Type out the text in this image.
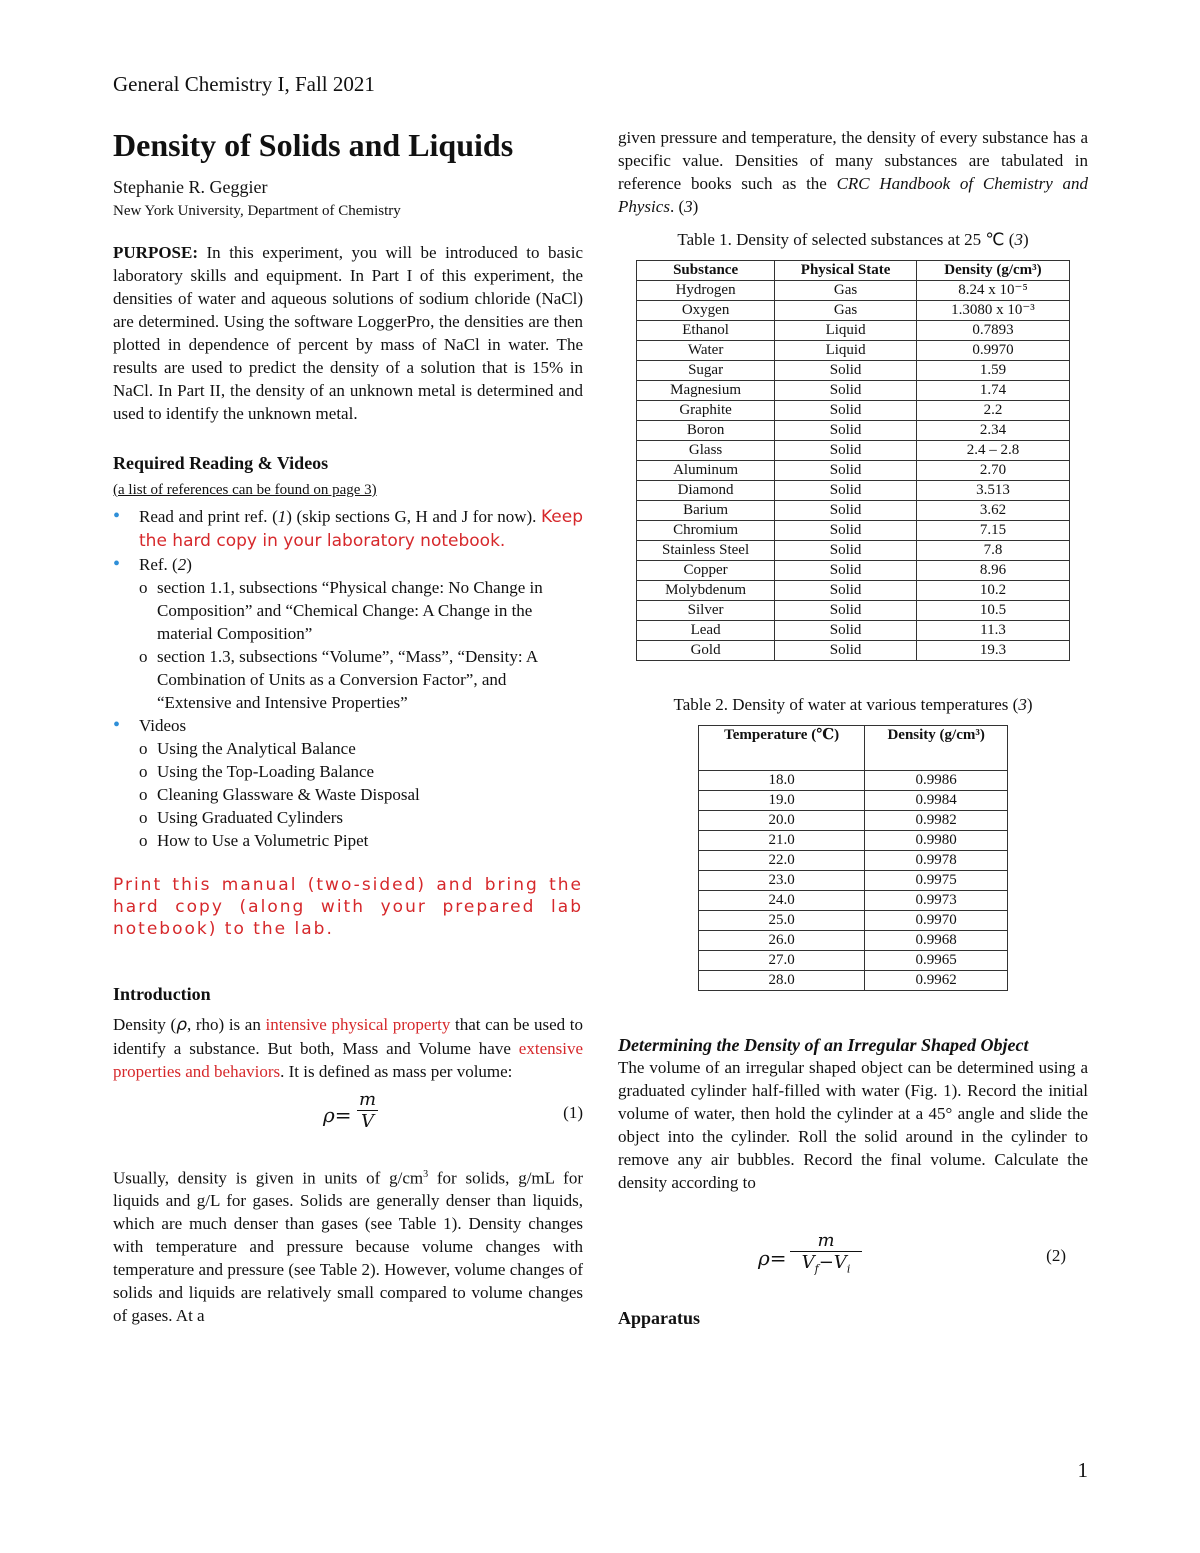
General Chemistry I, Fall 2021
Density of Solids and Liquids

Stephanie R. Geggier

New York University, Department of Chemistry

PURPOSE: In this experiment, you will be introduced to basic laboratory skills and equipment. In Part I of this experiment, the densities of water and aqueous solutions of sodium chloride (NaCl) are determined. Using the software LoggerPro, the densities are then plotted in dependence of percent by mass of NaCl in water. The results are used to predict the density of a solution that is 15% in NaCl. In Part II, the density of an unknown metal is determined and used to identify the unknown metal.

Required Reading & Videos
(a list of references can be found on page 3)
• Read and print ref. (1) (skip sections G, H and J for now). Keep the hard copy in your laboratory notebook.
• Ref. (2)
o section 1.1, subsections “Physical change: No Change in Composition” and “Chemical Change: A Change in the material Composition”
o section 1.3, subsections “Volume”, “Mass”, “Density: A Combination of Units as a Conversion Factor”, and “Extensive and Intensive Properties”
• Videos
o Using the Analytical Balance
o Using the Top-Loading Balance
o Cleaning Glassware & Waste Disposal
o Using Graduated Cylinders
o How to Use a Volumetric Pipet
Print this manual (two-sided) and bring the hard copy (along with your prepared lab notebook) to the lab.
Introduction

Density (ρ, rho) is an intensive physical property that can be used to identify a substance. But both, Mass and Volume have extensive properties and behaviors. It is defined as mass per volume:

$\rho= \frac{m}{V}$	(1)

Usually, density is given in units of $g/cm^3$ for solids, g/mL for liquids and g/L for gases. Solids are generally denser than liquids, which are much denser than gases (see Table 1). Density changes with temperature and pressure because volume changes with temperature and pressure (see Table 2). However, volume changes of solids and liquids are relatively small compared to volume changes of gases. At a

given pressure and temperature, the density of every substance has a specific value. Densities of many substances are tabulated in reference books such as the CRC Handbook of Chemistry and Physics. (3)

Table 1. Density of selected substances at 25 ℃ (3)
Substance	Physical State	Density (g/cm³)
Hydrogen	Gas	8.24 x 10⁻⁵
Oxygen	Gas	1.3080 x 10⁻³
Ethanol	Liquid	0.7893
Water	Liquid	0.9970
Sugar	Solid	1.59
Magnesium	Solid	1.74
Graphite	Solid	2.2
Boron	Solid	2.34
Glass	Solid	2.4 – 2.8
Aluminum	Solid	2.70
Diamond	Solid	3.513
Barium	Solid	3.62
Chromium	Solid	7.15
Stainless Steel	Solid	7.8
Copper	Solid	8.96
Molybdenum	Solid	10.2
Silver	Solid	10.5
Lead	Solid	11.3
Gold	Solid	19.3
Table 2. Density of water at various temperatures (3)
Temperature (℃)	Density (g/cm³)
18.0	0.9986
19.0	0.9984
20.0	0.9982
21.0	0.9980
22.0	0.9978
23.0	0.9975
24.0	0.9973
25.0	0.9970
26.0	0.9968
27.0	0.9965
28.0	0.9962
Determining the Density of an Irregular Shaped Object

The volume of an irregular shaped object can be determined using a graduated cylinder half-filled with water (Fig. 1). Record the initial volume of water, then hold the cylinder at a 45° angle and slide the object into the cylinder. Roll the solid around in the cylinder to remove any air bubbles. Record the final volume. Calculate the density according to

$\rho= \frac{m}{V_f-V_i}$	(2)
Apparatus
1
